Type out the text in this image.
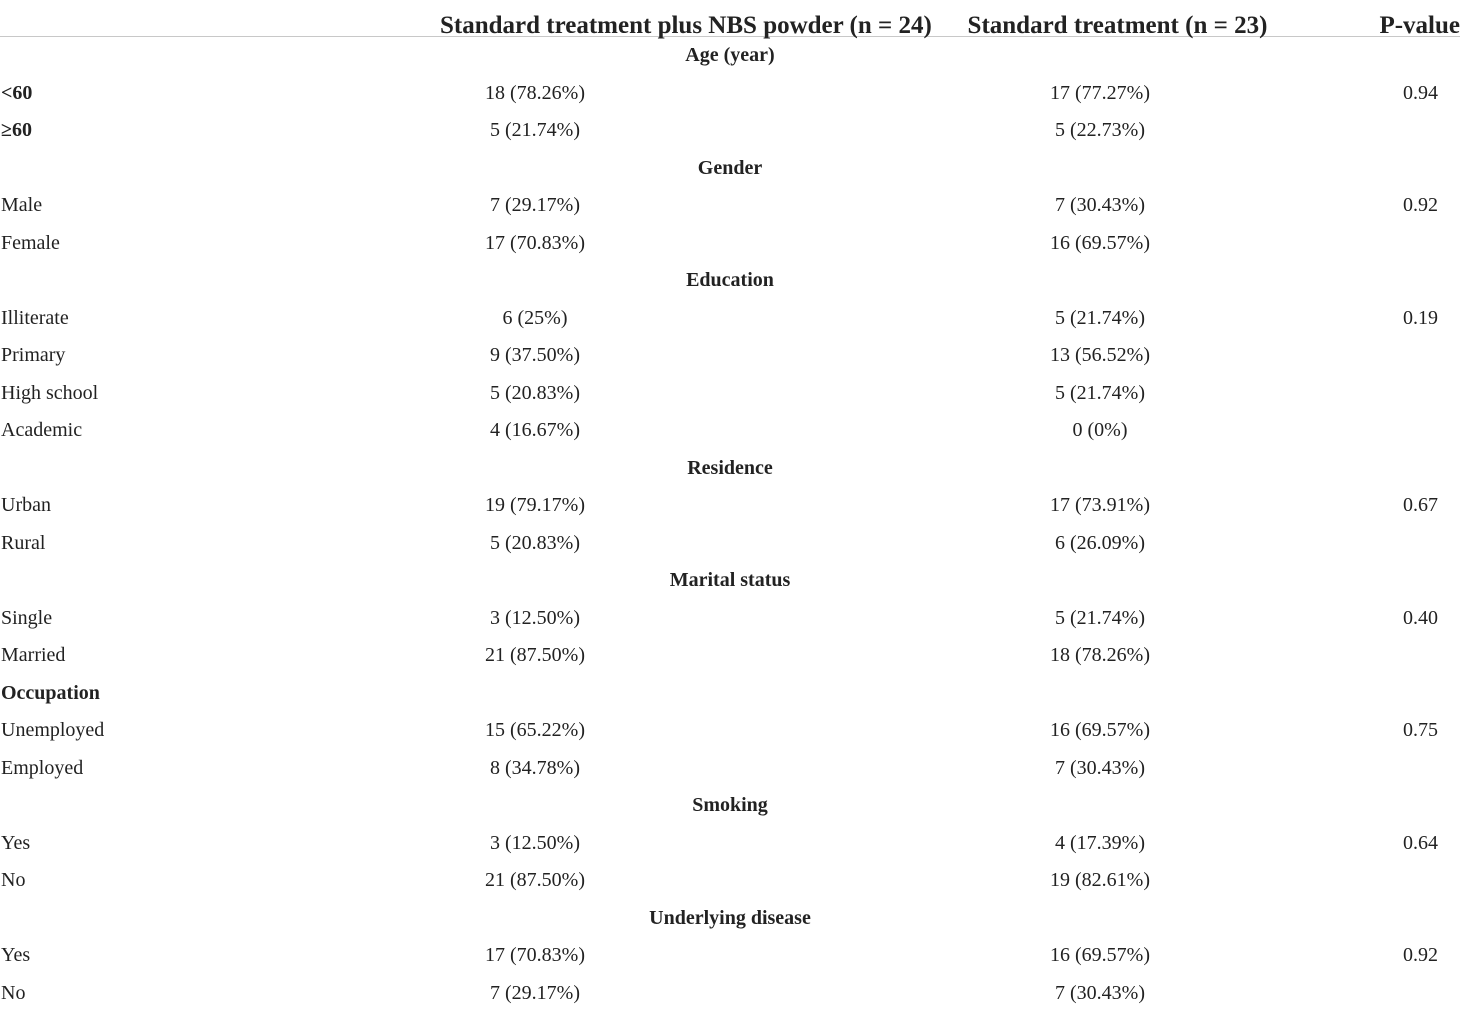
	Standard treatment plus NBS powder (n = 24)	Standard treatment (n = 23)	P-value
Age (year)			
<60	18 (78.26%)	17 (77.27%)	0.94
≥60	5 (21.74%)	5 (22.73%)	
Gender			
Male	7 (29.17%)	7 (30.43%)	0.92
Female	17 (70.83%)	16 (69.57%)	
Education			
Illiterate	6 (25%)	5 (21.74%)	0.19
Primary	9 (37.50%)	13 (56.52%)	
High school	5 (20.83%)	5 (21.74%)	
Academic	4 (16.67%)	0 (0%)	
Residence			
Urban	19 (79.17%)	17 (73.91%)	0.67
Rural	5 (20.83%)	6 (26.09%)	
Marital status			
Single	3 (12.50%)	5 (21.74%)	0.40
Married	21 (87.50%)	18 (78.26%)	
Occupation			
Unemployed	15 (65.22%)	16 (69.57%)	0.75
Employed	8 (34.78%)	7 (30.43%)	
Smoking			
Yes	3 (12.50%)	4 (17.39%)	0.64
No	21 (87.50%)	19 (82.61%)	
Underlying disease			
Yes	17 (70.83%)	16 (69.57%)	0.92
No	7 (29.17%)	7 (30.43%)	
